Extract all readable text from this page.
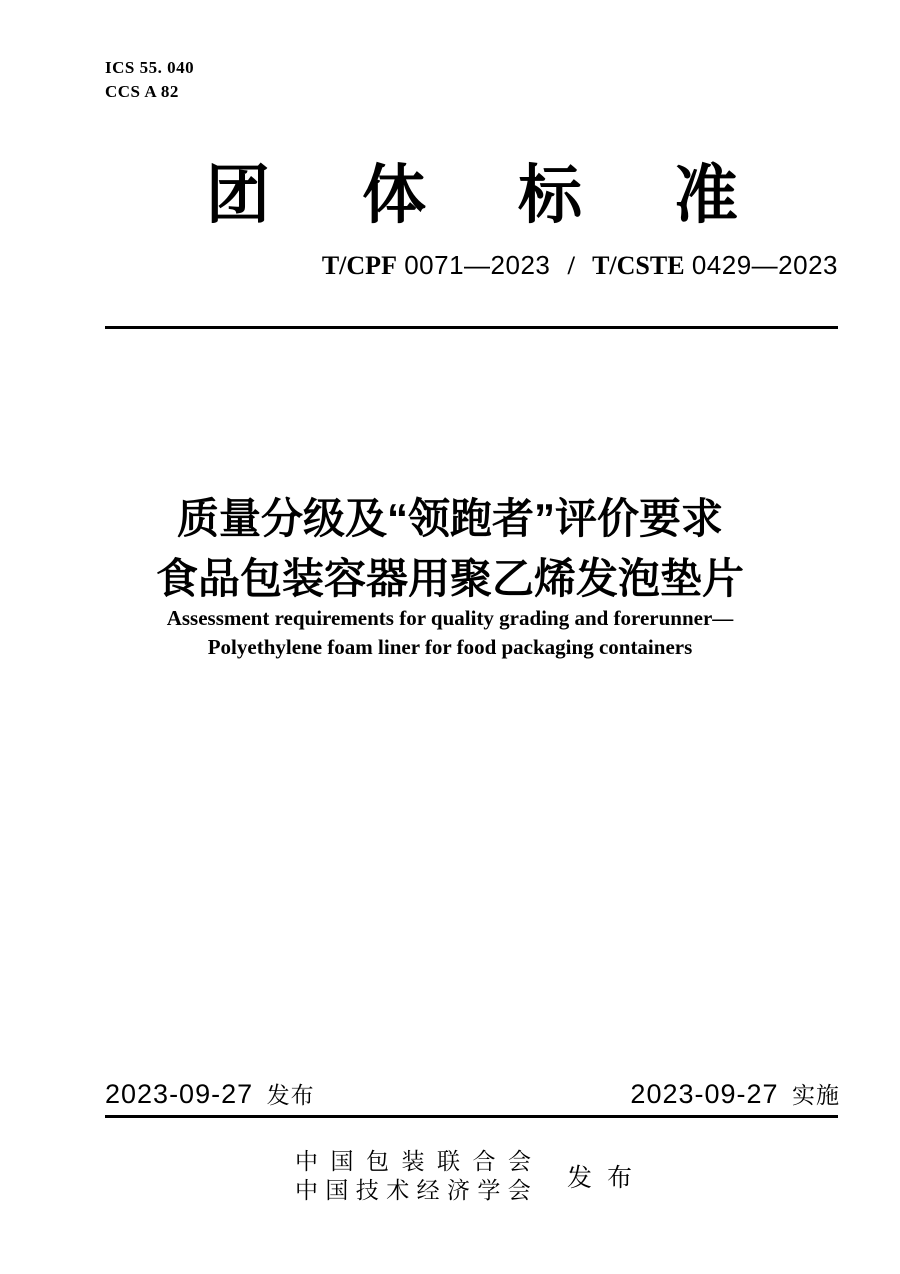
ICS 55. 040
CCS A 82
团体标准
T/CPF 0071—2023 / T/CSTE 0429—2023
质量分级及“领跑者”评价要求
食品包装容器用聚乙烯发泡垫片
Assessment requirements for quality grading and forerunner—
Polyethylene foam liner for food packaging containers
2023-09-27 发布	2023-09-27 实施
中国包装联合会
中国技术经济学会 发布
